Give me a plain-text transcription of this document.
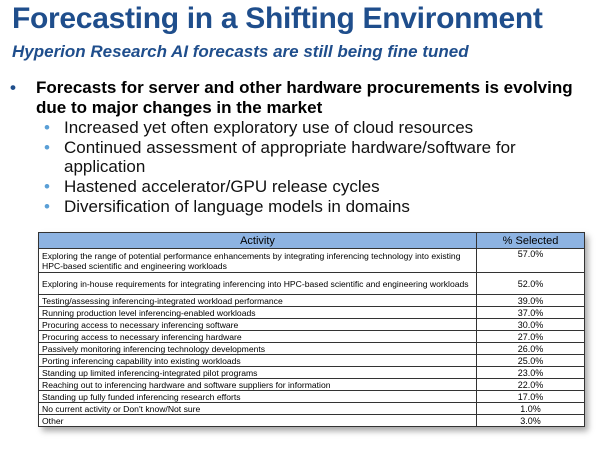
Forecasting in a Shifting Environment
Hyperion Research AI forecasts are still being fine tuned
• Forecasts for server and other hardware procurements is evolving due to major changes in the market
• Increased yet often exploratory use of cloud resources
• Continued assessment of appropriate hardware/software for application
• Hastened accelerator/GPU release cycles
• Diversification of language models in domains
Activity	% Selected
Exploring the range of potential performance enhancements by integrating inferencing technology into existing HPC-based scientific and engineering workloads	57.0%
Exploring in-house requirements for integrating inferencing into HPC-based scientific and engineering workloads	52.0%
Testing/assessing inferencing-integrated workload performance	39.0%
Running production level inferencing-enabled workloads	37.0%
Procuring access to necessary inferencing software	30.0%
Procuring access to necessary inferencing hardware	27.0%
Passively monitoring inferencing technology developments	26.0%
Porting inferencing capability into existing workloads	25.0%
Standing up limited inferencing-integrated pilot programs	23.0%
Reaching out to inferencing hardware and software suppliers for information	22.0%
Standing up fully funded inferencing research efforts	17.0%
No current activity or Don't know/Not sure	1.0%
Other	3.0%
